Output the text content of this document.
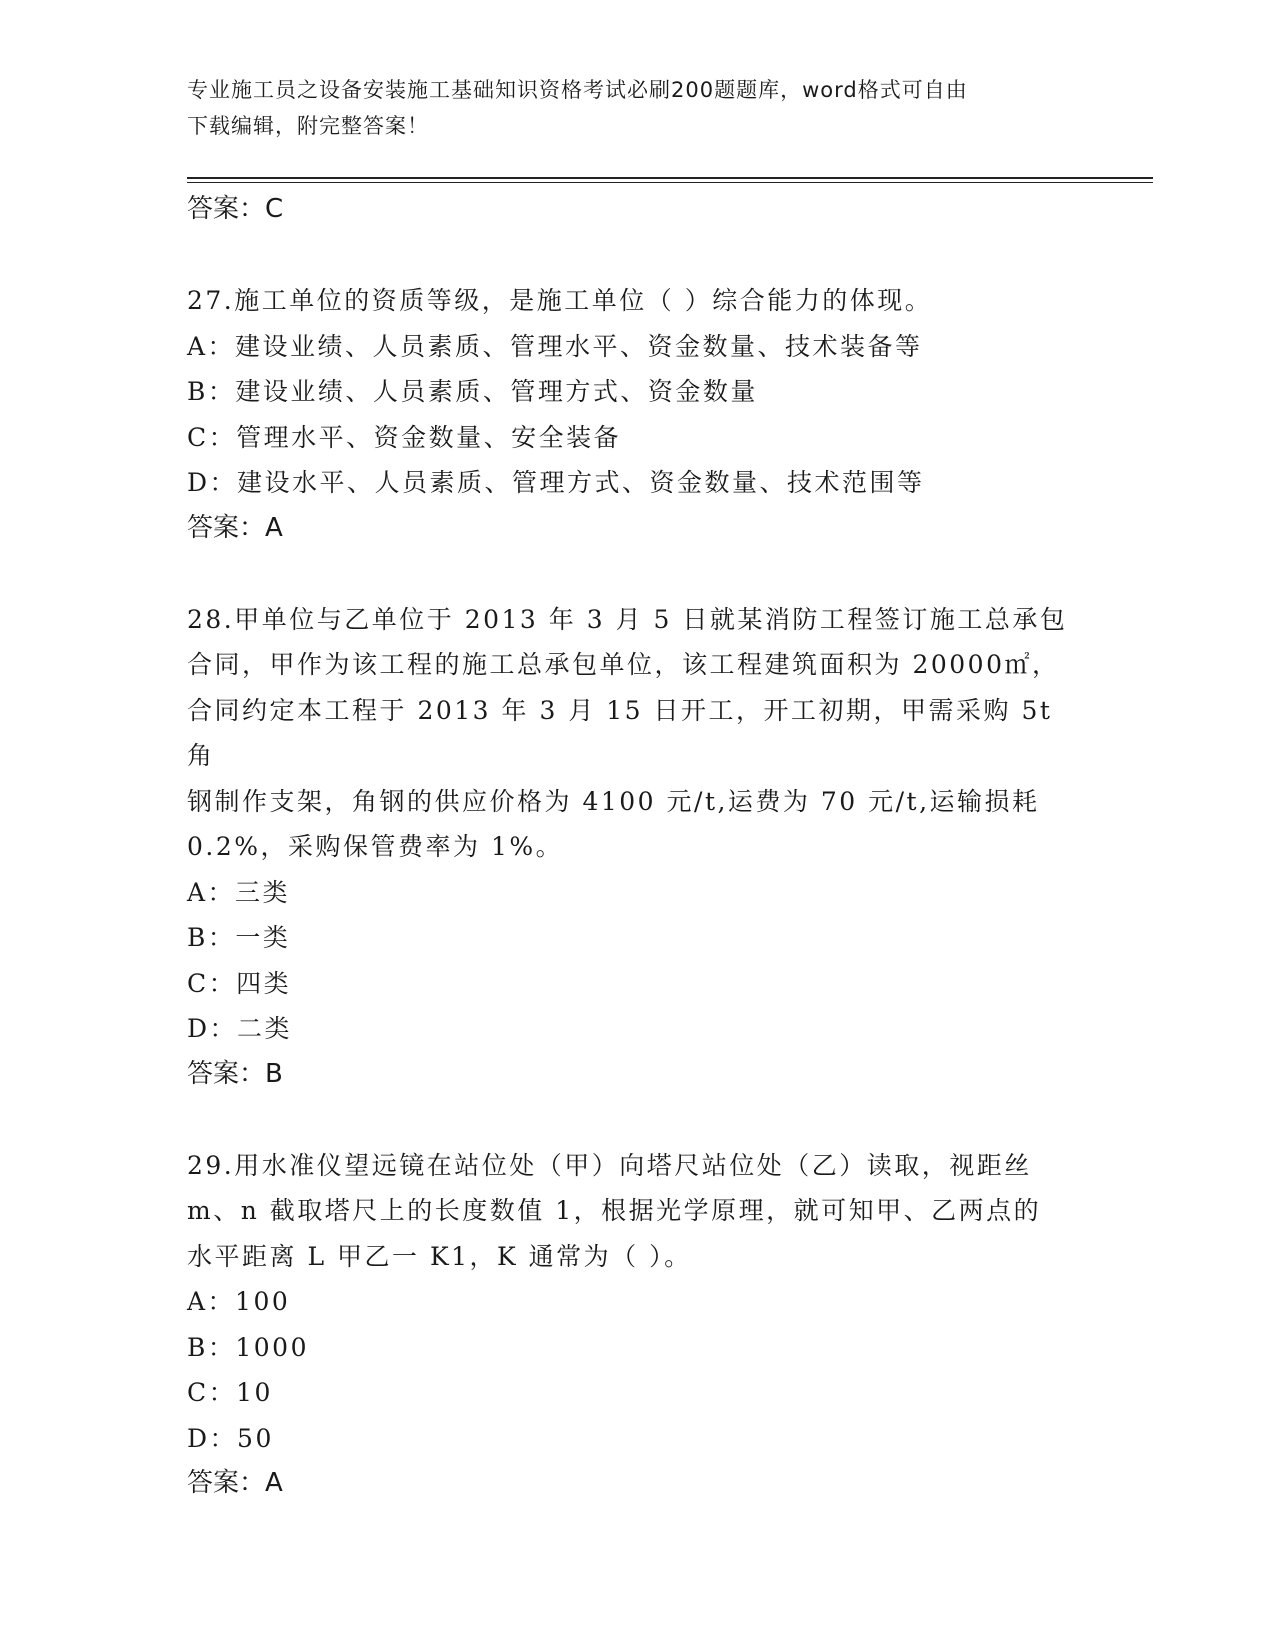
专业施工员之设备安装施工基础知识资格考试必刷200题题库，word格式可自由
下载编辑，附完整答案！
答案：C
27.施工单位的资质等级，是施工单位（ ）综合能力的体现。
A：建设业绩、人员素质、管理水平、资金数量、技术装备等
B：建设业绩、人员素质、管理方式、资金数量
C：管理水平、资金数量、安全装备
D：建设水平、人员素质、管理方式、资金数量、技术范围等
答案：A
28.甲单位与乙单位于 2013 年 3 月 5 日就某消防工程签订施工总承包
合同，甲作为该工程的施工总承包单位，该工程建筑面积为 20000㎡，
合同约定本工程于 2013 年 3 月 15 日开工，开工初期，甲需采购 5t 角
钢制作支架，角钢的供应价格为 4100 元/t,运费为 70 元/t,运输损耗
0.2%，采购保管费率为 1%。
A：三类
B：一类
C：四类
D：二类
答案：B
29.用水准仪望远镜在站位处（甲）向塔尺站位处（乙）读取，视距丝
m、n 截取塔尺上的长度数值 1，根据光学原理，就可知甲、乙两点的
水平距离 L 甲乙一 K1，K 通常为（ ）。
A：100
B：1000
C：10
D：50
答案：A
